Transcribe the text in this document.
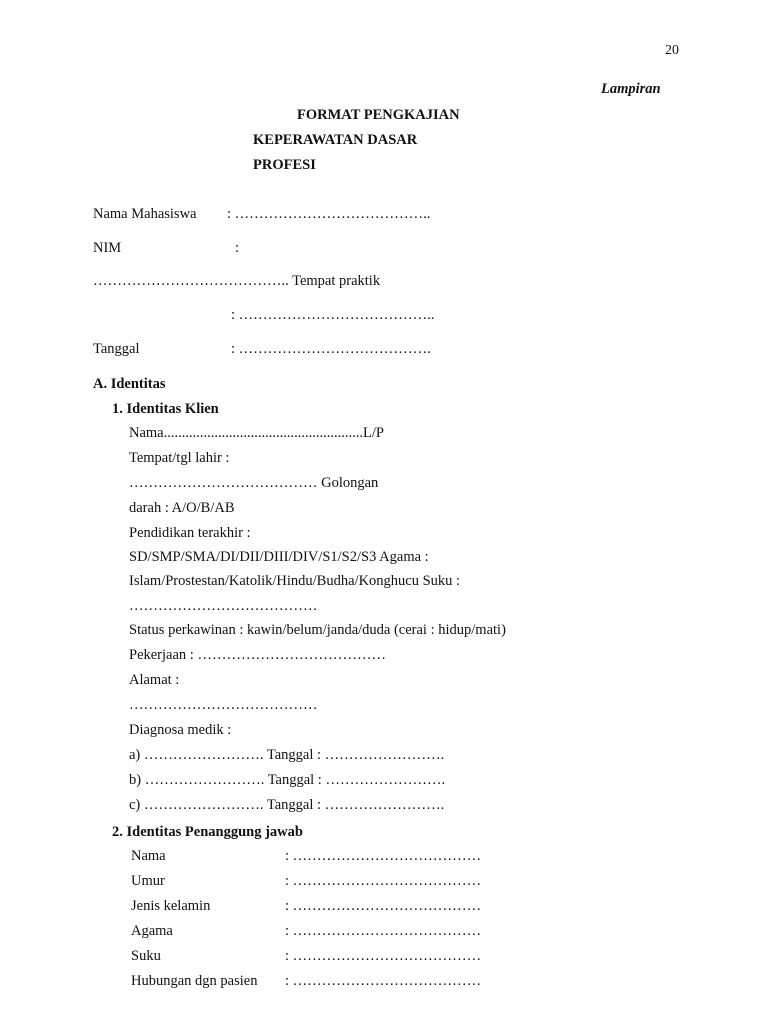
20
Lampiran
FORMAT PENGKAJIAN
KEPERAWATAN DASAR
PROFESI
Nama Mahasiswa : …………………………………..
NIM	:
………………………………….. Tempat praktik
: …………………………………..
Tanggal	: ………………………………….
A. Identitas
1. Identitas Klien
Nama.......................................................L/P
Tempat/tgl lahir :
………………………………… Golongan
darah : A/O/B/AB
Pendidikan terakhir :
SD/SMP/SMA/DI/DII/DIII/DIV/S1/S2/S3 Agama :
Islam/Prostestan/Katolik/Hindu/Budha/Konghucu Suku :
…………………………………
Status perkawinan : kawin/belum/janda/duda (cerai : hidup/mati)
Pekerjaan : …………………………………
Alamat :
…………………………………
Diagnosa medik :
a) ……………………. Tanggal : …………………….
b) ……………………. Tanggal : …………………….
c) ……………………. Tanggal : …………………….
2. Identitas Penanggung jawab
Nama	: …………………………………
Umur	: …………………………………
Jenis kelamin	: …………………………………
Agama	: …………………………………
Suku	: …………………………………
Hubungan dgn pasien : …………………………………
